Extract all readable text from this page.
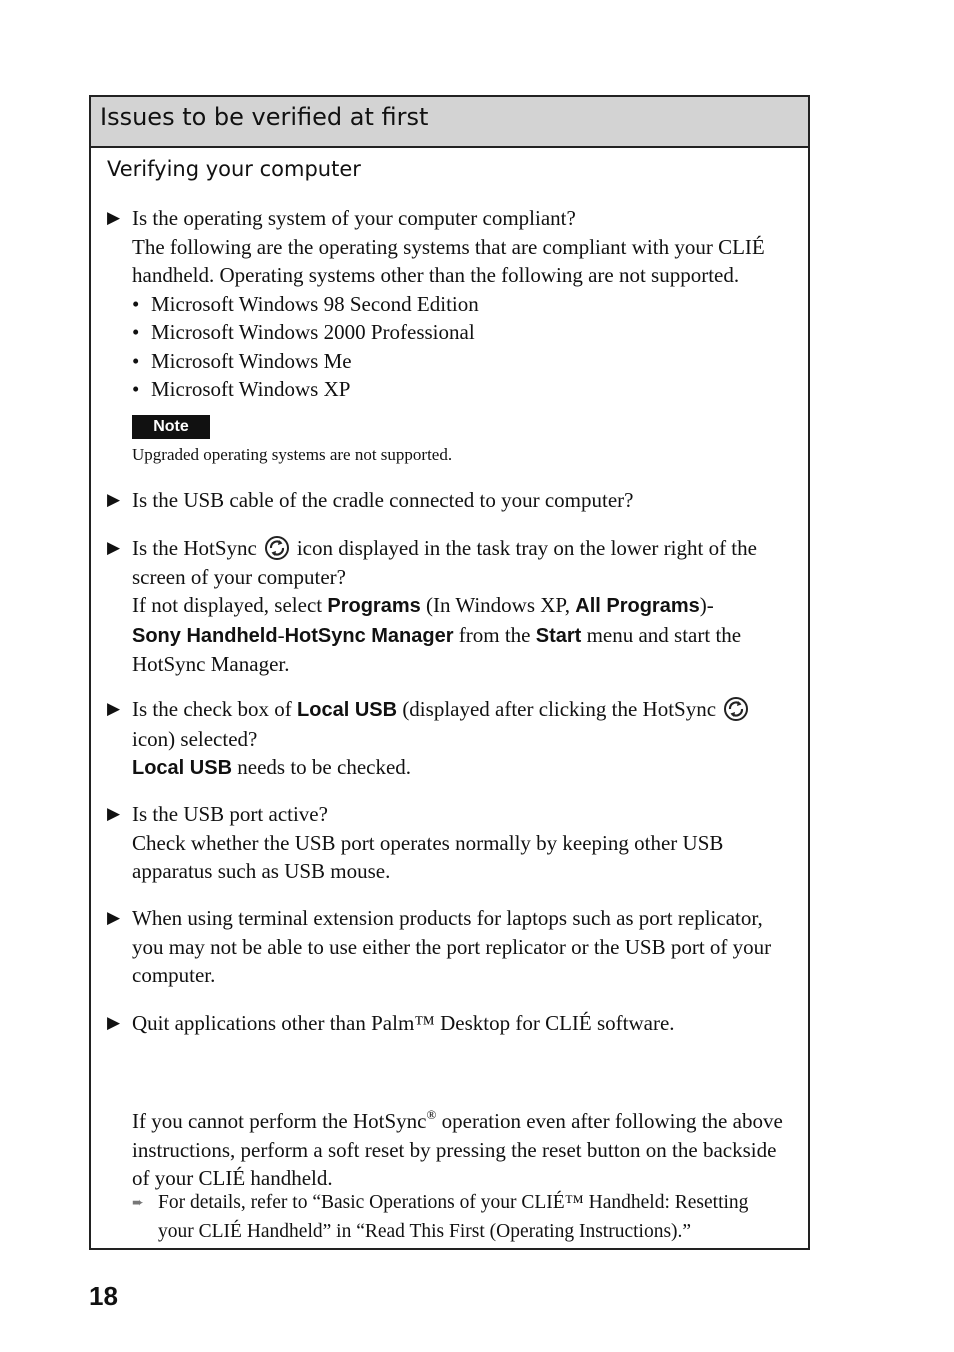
Issues to be verified at first
Verifying your computer
▶ Is the operating system of your computer compliant?
The following are the operating systems that are compliant with your CLIÉ
handheld. Operating systems other than the following are not supported.
• Microsoft Windows 98 Second Edition
• Microsoft Windows 2000 Professional
• Microsoft Windows Me
• Microsoft Windows XP
Note
Upgraded operating systems are not supported.
▶ Is the USB cable of the cradle connected to your computer?
▶ Is the HotSync icon displayed in the task tray on the lower right of the
screen of your computer?
If not displayed, select Programs (In Windows XP, All Programs)-
Sony Handheld-HotSync Manager from the Start menu and start the
HotSync Manager.
▶ Is the check box of Local USB (displayed after clicking the HotSync
icon) selected?
Local USB needs to be checked.
▶ Is the USB port active?
Check whether the USB port operates normally by keeping other USB
apparatus such as USB mouse.
▶ When using terminal extension products for laptops such as port replicator,
you may not be able to use either the port replicator or the USB port of your
computer.
▶ Quit applications other than Palm™ Desktop for CLIÉ software.
If you cannot perform the HotSync® operation even after following the above
instructions, perform a soft reset by pressing the reset button on the backside
of your CLIÉ handheld.
➨ For details, refer to “Basic Operations of your CLIÉ™ Handheld: Resetting
your CLIÉ Handheld” in “Read This First (Operating Instructions).”
18
